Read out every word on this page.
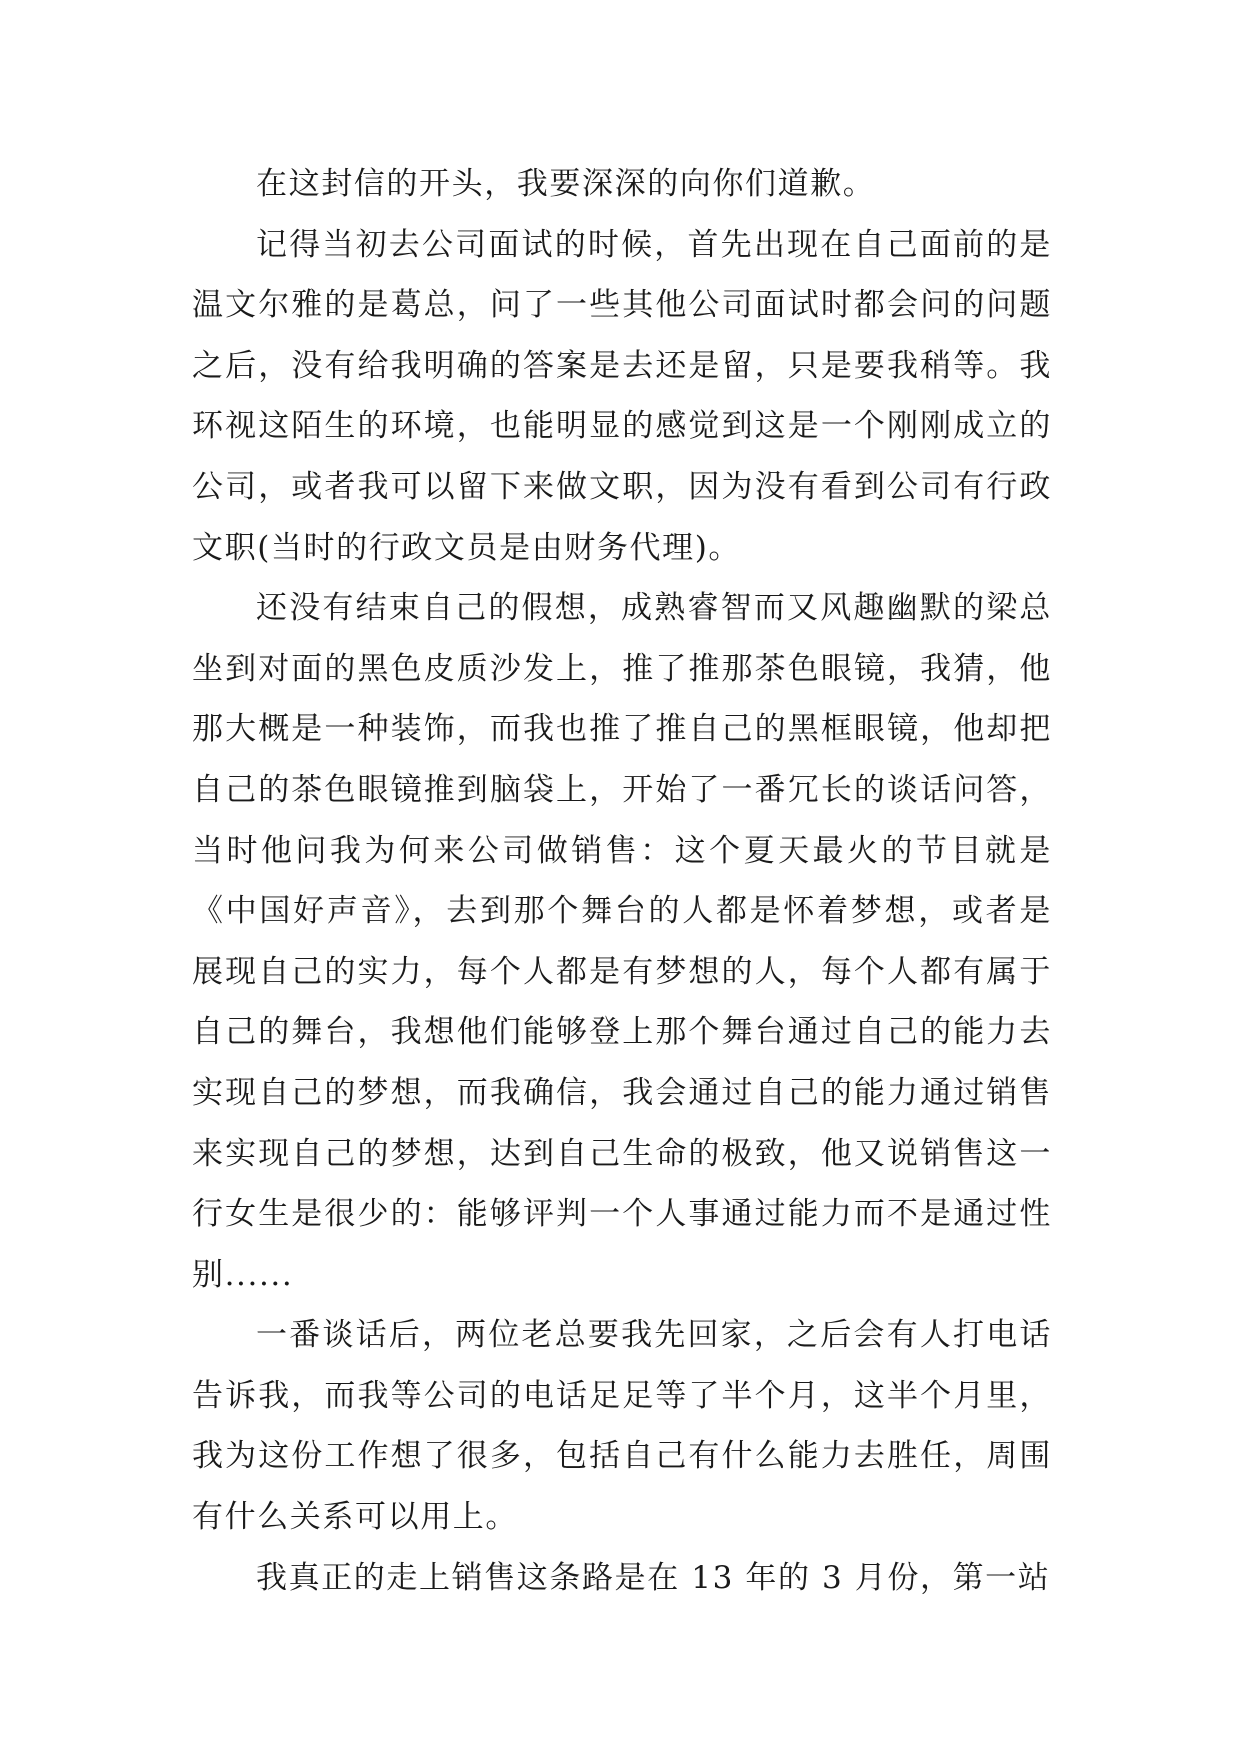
在这封信的开头，我要深深的向你们道歉。

记得当初去公司面试的时候，首先出现在自己面前的是温文尔雅的是葛总，问了一些其他公司面试时都会问的问题之后，没有给我明确的答案是去还是留，只是要我稍等。我环视这陌生的环境，也能明显的感觉到这是一个刚刚成立的公司，或者我可以留下来做文职，因为没有看到公司有行政文职(当时的行政文员是由财务代理)。

还没有结束自己的假想，成熟睿智而又风趣幽默的梁总坐到对面的黑色皮质沙发上，推了推那茶色眼镜，我猜，他那大概是一种装饰，而我也推了推自己的黑框眼镜，他却把自己的茶色眼镜推到脑袋上，开始了一番冗长的谈话问答，当时他问我为何来公司做销售：这个夏天最火的节目就是《中国好声音》，去到那个舞台的人都是怀着梦想，或者是展现自己的实力，每个人都是有梦想的人，每个人都有属于自己的舞台，我想他们能够登上那个舞台通过自己的能力去实现自己的梦想，而我确信，我会通过自己的能力通过销售来实现自己的梦想，达到自己生命的极致，他又说销售这一行女生是很少的：能够评判一个人事通过能力而不是通过性别......

一番谈话后，两位老总要我先回家，之后会有人打电话告诉我，而我等公司的电话足足等了半个月，这半个月里，我为这份工作想了很多，包括自己有什么能力去胜任，周围有什么关系可以用上。

我真正的走上销售这条路是在 13 年的 3 月份，第一站
